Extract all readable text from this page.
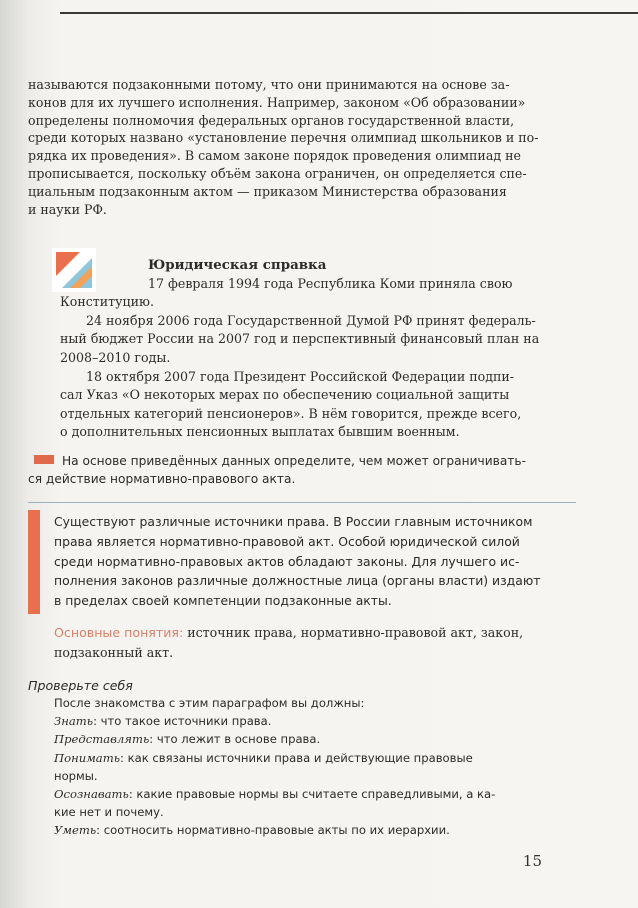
называются подзаконными потому, что они принимаются на основе за-
конов для их лучшего исполнения. Например, законом «Об образовании»
определены полномочия федеральных органов государственной власти,
среди которых названо «установление перечня олимпиад школьников и по-
рядка их проведения». В самом законе порядок проведения олимпиад не
прописывается, поскольку объём закона ограничен, он определяется спе-
циальным подзаконным актом — приказом Министерства образования
и науки РФ.
Юридическая справка
17 февраля 1994 года Республика Коми приняла свою
Конституцию.
24 ноября 2006 года Государственной Думой РФ принят федераль-
ный бюджет России на 2007 год и перспективный финансовый план на
2008–2010 годы.
18 октября 2007 года Президент Российской Федерации подпи-
сал Указ «О некоторых мерах по обеспечению социальной защиты
отдельных категорий пенсионеров». В нём говорится, прежде всего,
о дополнительных пенсионных выплатах бывшим военным.
На основе приведённых данных определите, чем может ограничивать-
ся действие нормативно-правового акта.
Существуют различные источники права. В России главным источником
права является нормативно-правовой акт. Особой юридической силой
среди нормативно-правовых актов обладают законы. Для лучшего ис-
полнения законов различные должностные лица (органы власти) издают
в пределах своей компетенции подзаконные акты.
Основные понятия: источник права, нормативно-правовой акт, закон,
подзаконный акт.
Проверьте себя
После знакомства с этим параграфом вы должны:
Знать: что такое источники права.
Представлять: что лежит в основе права.
Понимать: как связаны источники права и действующие правовые
нормы.
Осознавать: какие правовые нормы вы считаете справедливыми, а ка-
кие нет и почему.
Уметь: соотносить нормативно-правовые акты по их иерархии.
15
